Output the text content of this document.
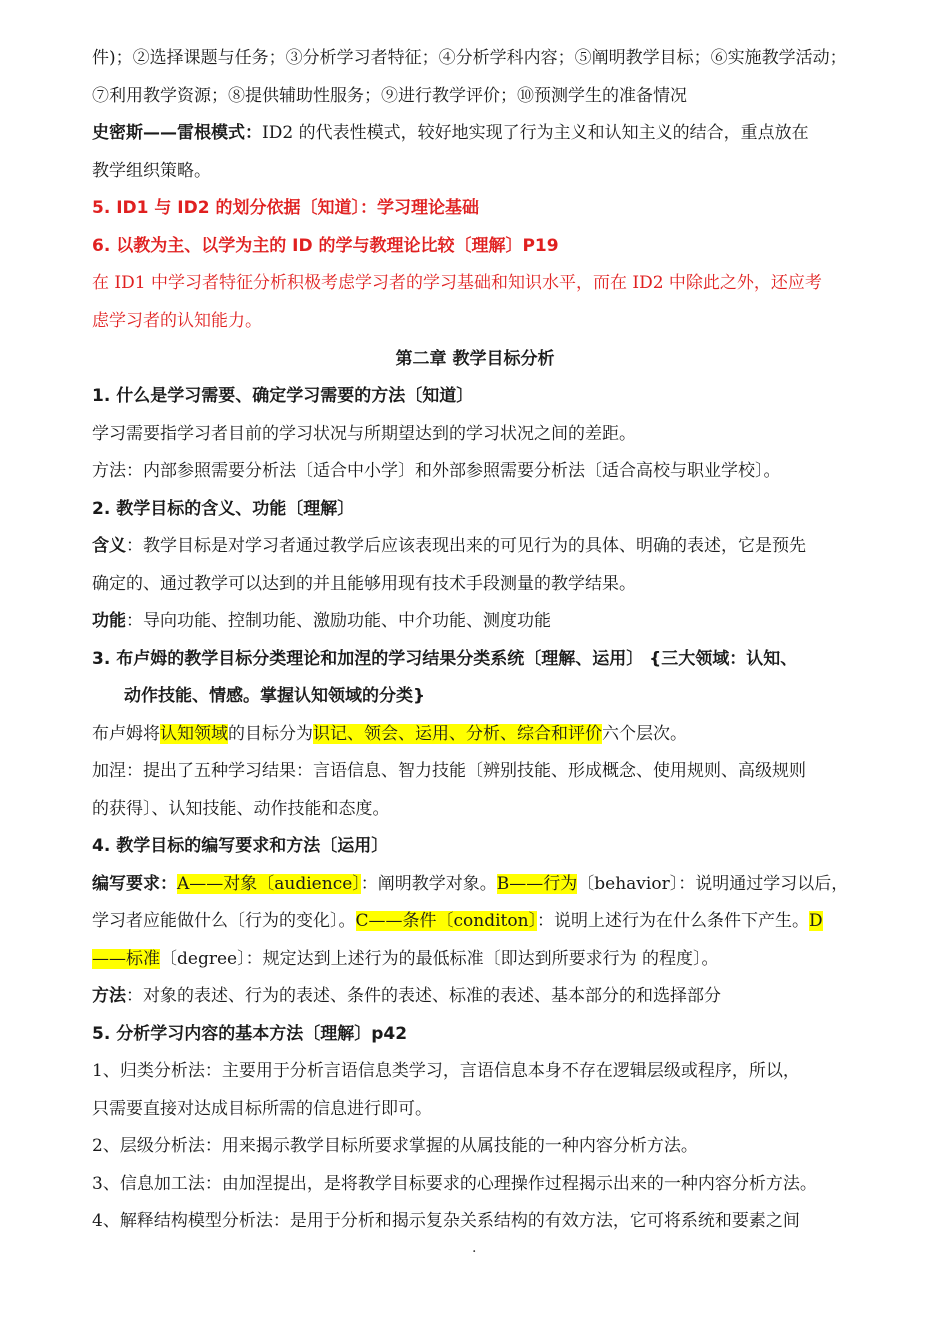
件)；②选择课题与任务；③分析学习者特征；④分析学科内容；⑤阐明教学目标；⑥实施教学活动；
⑦利用教学资源；⑧提供辅助性服务；⑨进行教学评价；⑩预测学生的准备情况
史密斯——雷根模式：ID2 的代表性模式，较好地实现了行为主义和认知主义的结合，重点放在
教学组织策略。
5. ID1 与 ID2 的划分依据〔知道〕：学习理论基础
6. 以教为主、以学为主的 ID 的学与教理论比较〔理解〕P19
在 ID1 中学习者特征分析积极考虑学习者的学习基础和知识水平，而在 ID2 中除此之外，还应考
虑学习者的认知能力。
第二章 教学目标分析
1. 什么是学习需要、确定学习需要的方法〔知道〕
学习需要指学习者目前的学习状况与所期望达到的学习状况之间的差距。
方法：内部参照需要分析法〔适合中小学〕和外部参照需要分析法〔适合高校与职业学校〕。
2. 教学目标的含义、功能〔理解〕
含义：教学目标是对学习者通过教学后应该表现出来的可见行为的具体、明确的表述，它是预先
确定的、通过教学可以达到的并且能够用现有技术手段测量的教学结果。
功能：导向功能、控制功能、激励功能、中介功能、测度功能
3. 布卢姆的教学目标分类理论和加涅的学习结果分类系统〔理解、运用〕 {三大领域：认知、
动作技能、情感。掌握认知领域的分类}
布卢姆将认知领域的目标分为识记、领会、运用、分析、综合和评价六个层次。
加涅：提出了五种学习结果：言语信息、智力技能〔辨别技能、形成概念、使用规则、高级规则
的获得〕、认知技能、动作技能和态度。
4. 教学目标的编写要求和方法〔运用〕
编写要求：A——对象〔audience〕：阐明教学对象。B——行为〔behavior〕：说明通过学习以后，
学习者应能做什么〔行为的变化〕。C——条件〔conditon〕：说明上述行为在什么条件下产生。D
——标准〔degree〕：规定达到上述行为的最低标准〔即达到所要求行为 的程度〕。
方法：对象的表述、行为的表述、条件的表述、标准的表述、基本部分的和选择部分
5. 分析学习内容的基本方法〔理解〕p42
1、归类分析法：主要用于分析言语信息类学习，言语信息本身不存在逻辑层级或程序，所以，
只需要直接对达成目标所需的信息进行即可。
2、层级分析法：用来揭示教学目标所要求掌握的从属技能的一种内容分析方法。
3、信息加工法：由加涅提出，是将教学目标要求的心理操作过程揭示出来的一种内容分析方法。
4、解释结构模型分析法：是用于分析和揭示复杂关系结构的有效方法，它可将系统和要素之间
.
